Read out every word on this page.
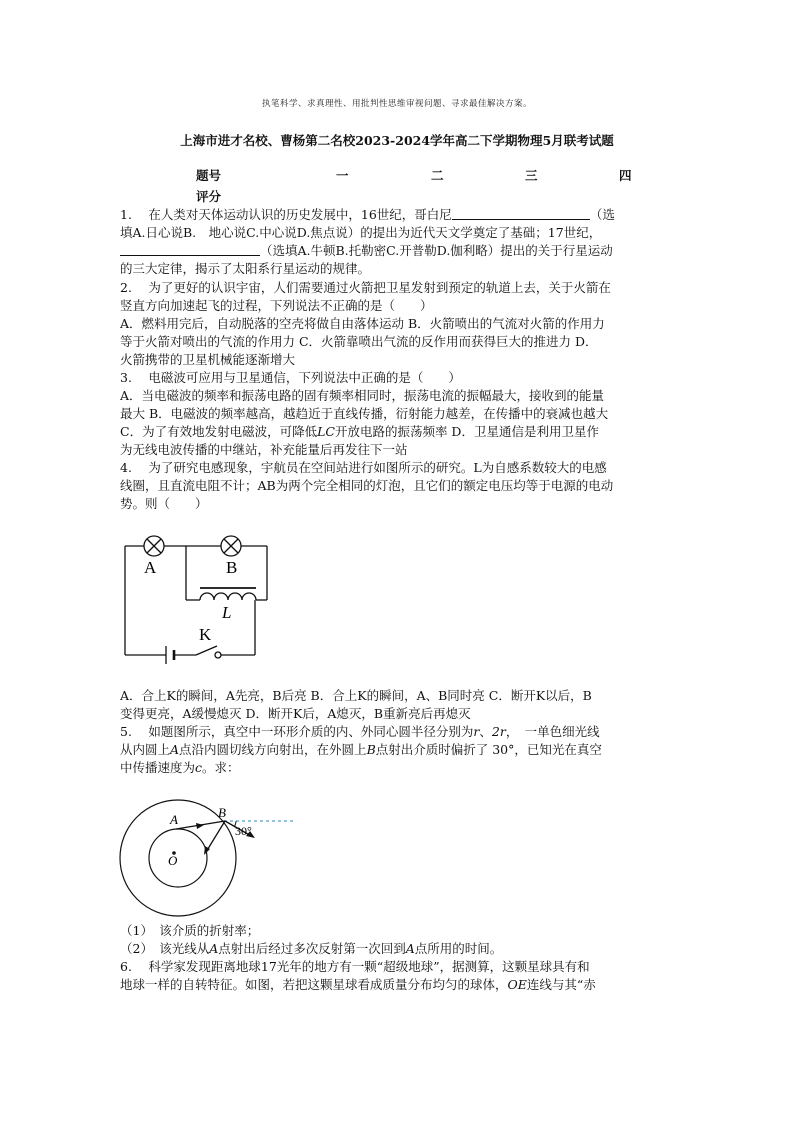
执笔科学、求真理性、用批判性思维审视问题、寻求最佳解决方案。
上海市进才名校、曹杨第二名校2023-2024学年高二下学期物理5月联考试题
题号	一	二	三	四
评分

1.　 在人类对天体运动认识的历史发展中，16世纪，哥白尼	（选

填A.日心说B.　地心说C.中心说D.焦点说）的提出为近代天文学奠定了基础；17世纪，

（选填A.牛顿B.托勒密C.开普勒D.伽利略）提出的关于行星运动

的三大定律，揭示了太阳系行星运动的规律。

2.　 为了更好的认识宇宙，人们需要通过火箭把卫星发射到预定的轨道上去，关于火箭在

竖直方向加速起飞的过程，下列说法不正确的是（　　）

A．燃料用完后，自动脱落的空壳将做自由落体运动 B．火箭喷出的气流对火箭的作用力

等于火箭对喷出的气流的作用力 C．火箭靠喷出气流的反作用而获得巨大的推进力 D．

火箭携带的卫星机械能逐渐增大

3.　 电磁波可应用与卫星通信，下列说法中正确的是（　　）

A．当电磁波的频率和振荡电路的固有频率相同时，振荡电流的振幅最大，接收到的能量

最大 B．电磁波的频率越高，越趋近于直线传播，衍射能力越差，在传播中的衰减也越大

C．为了有效地发射电磁波，可降低LC开放电路的振荡频率 D．卫星通信是利用卫星作

为无线电波传播的中继站，补充能量后再发往下一站

4.　 为了研究电感现象，宇航员在空间站进行如图所示的研究。L为自感系数较大的电感

线圈，且直流电阻不计；AB为两个完全相同的灯泡，且它们的额定电压均等于电源的电动

势。则（　　）

A	B
L
K

A．合上K的瞬间，A先亮，B后亮 B．合上K的瞬间，A、B同时亮 C．断开K以后，B

变得更亮，A缓慢熄灭 D．断开K后，A熄灭，B重新亮后再熄灭

5.　 如题图所示，真空中一环形介质的内、外同心圆半径分别为r、2r，　一单色细光线

从内圆上A点沿内圆切线方向射出，在外圆上B点射出介质时偏折了 30°，已知光在真空

中传播速度为c。求：

A	B
30°
O

（1）　该介质的折射率；

（2）　该光线从A点射出后经过多次反射第一次回到A点所用的时间。

6.　 科学家发现距离地球17光年的地方有一颗“超级地球”，据测算，这颗星球具有和

地球一样的自转特征。如图，若把这颗星球看成质量分布均匀的球体，OE连线与其“赤
